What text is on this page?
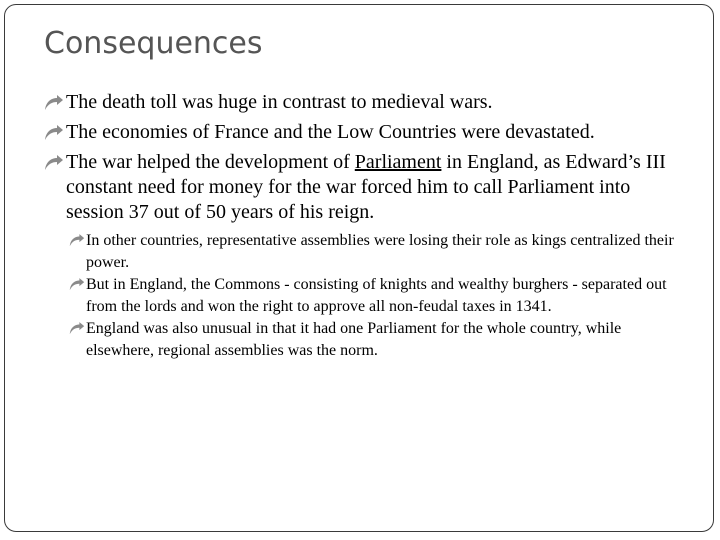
Consequences
The death toll was huge in contrast to medieval wars.
The economies of France and the Low Countries were devastated.
The war helped the development of Parliament in England, as Edward’s III constant need for money for the war forced him to call Parliament into session 37 out of 50 years of his reign.
In other countries, representative assemblies were losing their role as kings centralized their power.
But in England, the Commons - consisting of knights and wealthy burghers - separated out from the lords and won the right to approve all non-feudal taxes in 1341.
England was also unusual in that it had one Parliament for the whole country, while elsewhere, regional assemblies was the norm.
